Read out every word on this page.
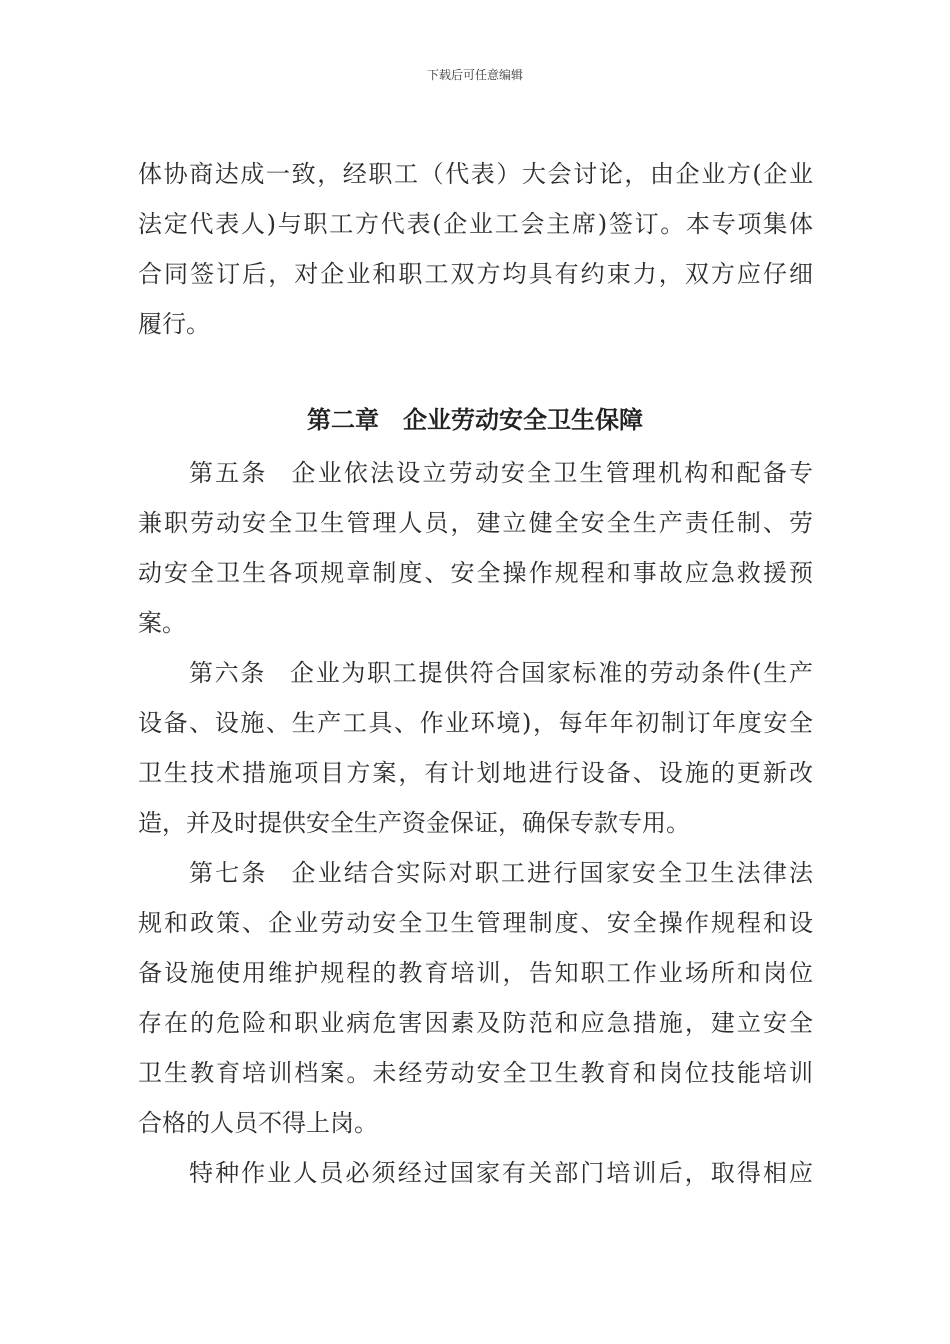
下载后可任意编辑
体协商达成一致，经职工（代表）大会讨论，由企业方(企业
法定代表人)与职工方代表(企业工会主席)签订。本专项集体
合同签订后，对企业和职工双方均具有约束力，双方应仔细
履行。
第二章　企业劳动安全卫生保障
第五条 企业依法设立劳动安全卫生管理机构和配备专
兼职劳动安全卫生管理人员，建立健全安全生产责任制、劳
动安全卫生各项规章制度、安全操作规程和事故应急救援预
案。
第六条 企业为职工提供符合国家标准的劳动条件(生产
设备、设施、生产工具、作业环境)，每年年初制订年度安全
卫生技术措施项目方案，有计划地进行设备、设施的更新改
造，并及时提供安全生产资金保证，确保专款专用。
第七条 企业结合实际对职工进行国家安全卫生法律法
规和政策、企业劳动安全卫生管理制度、安全操作规程和设
备设施使用维护规程的教育培训，告知职工作业场所和岗位
存在的危险和职业病危害因素及防范和应急措施，建立安全
卫生教育培训档案。未经劳动安全卫生教育和岗位技能培训
合格的人员不得上岗。
特种作业人员必须经过国家有关部门培训后，取得相应
